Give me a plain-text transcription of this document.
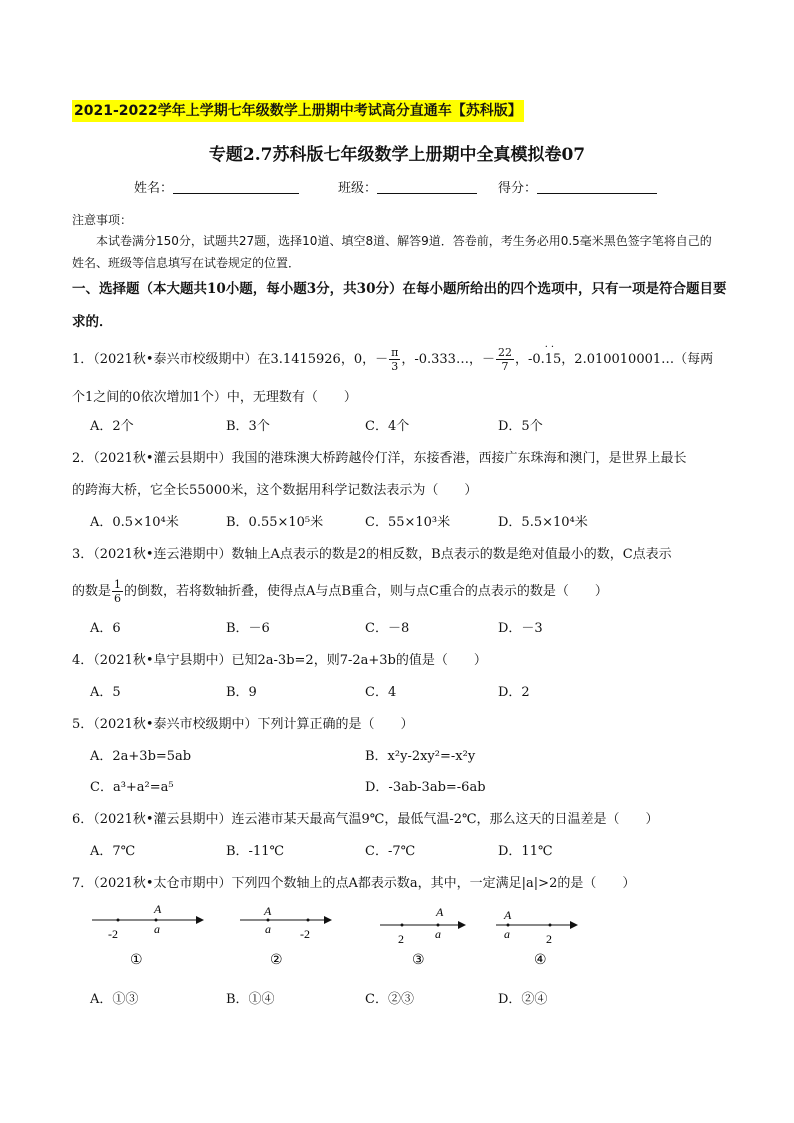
2021-2022学年上学期七年级数学上册期中考试高分直通车【苏科版】
专题2.7苏科版七年级数学上册期中全真模拟卷07
姓名：	班级：	得分：
注意事项：
本试卷满分150分，试题共27题，选择10道、填空8道、解答9道．答卷前，考生务必用0.5毫米黑色签字笔将自己的姓名、班级等信息填写在试卷规定的位置．
一、选择题（本大题共10小题，每小题3分，共30分）在每小题所给出的四个选项中，只有一项是符合题目要求的．
1．（2021秋•泰兴市校级期中）在3.1415926，0，－ $\frac{\pi}{3}$ ，-0.333…，－ $\frac{22}{7}$ ，-0.
··
15，2.010010001…（每两
个1之间的0依次增加1个）中，无理数有（　　）
A．2个	B．3个	C．4个	D．5个
2．（2021秋•灌云县期中）我国的港珠澳大桥跨越伶仃洋，东接香港，西接广东珠海和澳门，是世界上最长
的跨海大桥，它全长55000米，这个数据用科学记数法表示为（　　）
A．0.5×10⁴米	B．0.55×10⁵米	C．55×10³米	D．5.5×10⁴米
3．（2021秋•连云港期中）数轴上A点表示的数是2的相反数，B点表示的数是绝对值最小的数，C点表示
的数是 $\frac{1}{6}$ 的倒数，若将数轴折叠，使得点A与点B重合，则与点C重合的点表示的数是（　　）
A．6	B．－6	C．－8	D．－3
4．（2021秋•阜宁县期中）已知2a-3b=2，则7-2a+3b的值是（　　）
A．5	B．9	C．4	D．2
5．（2021秋•泰兴市校级期中）下列计算正确的是（　　）
A．2a+3b=5ab	B．x²y-2xy²=-x²y
C．a³+a²=a⁵	D．-3ab-3ab=-6ab
6．（2021秋•灌云县期中）连云港市某天最高气温9℃，最低气温-2℃，那么这天的日温差是（　　）
A．7℃	B．-11℃	C．-7℃	D．11℃
7．（2021秋•太仓市期中）下列四个数轴上的点A都表示数a，其中，一定满足|a|>2的是（　　）
A
a
-2
①
A
a -2
②
A
a
2
③
A
a	2
④
A．①③	B．①④	C．②③	D．②④
